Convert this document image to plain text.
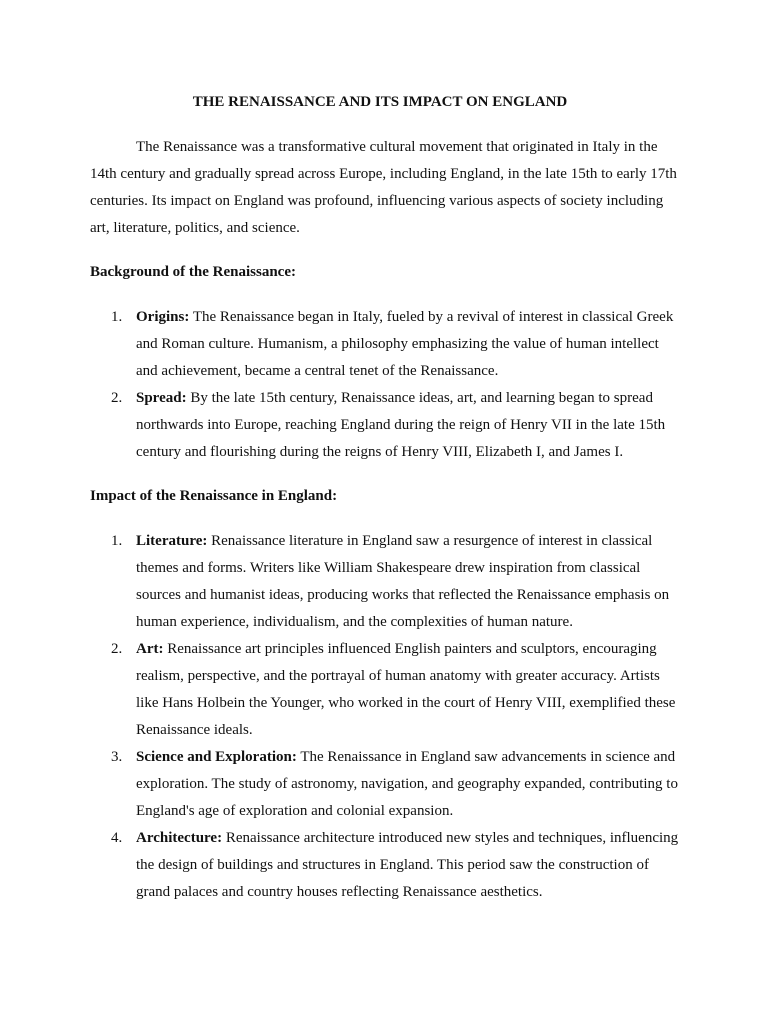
THE RENAISSANCE AND ITS IMPACT ON ENGLAND

The Renaissance was a transformative cultural movement that originated in Italy in the 14th century and gradually spread across Europe, including England, in the late 15th to early 17th centuries. Its impact on England was profound, influencing various aspects of society including art, literature, politics, and science.

Background of the Renaissance:
1. Origins: The Renaissance began in Italy, fueled by a revival of interest in classical Greek and Roman culture. Humanism, a philosophy emphasizing the value of human intellect and achievement, became a central tenet of the Renaissance.
2. Spread: By the late 15th century, Renaissance ideas, art, and learning began to spread northwards into Europe, reaching England during the reign of Henry VII in the late 15th century and flourishing during the reigns of Henry VIII, Elizabeth I, and James I.
Impact of the Renaissance in England:
1. Literature: Renaissance literature in England saw a resurgence of interest in classical themes and forms. Writers like William Shakespeare drew inspiration from classical sources and humanist ideas, producing works that reflected the Renaissance emphasis on human experience, individualism, and the complexities of human nature.
2. Art: Renaissance art principles influenced English painters and sculptors, encouraging realism, perspective, and the portrayal of human anatomy with greater accuracy. Artists like Hans Holbein the Younger, who worked in the court of Henry VIII, exemplified these Renaissance ideals.
3. Science and Exploration: The Renaissance in England saw advancements in science and exploration. The study of astronomy, navigation, and geography expanded, contributing to England's age of exploration and colonial expansion.
4. Architecture: Renaissance architecture introduced new styles and techniques, influencing the design of buildings and structures in England. This period saw the construction of grand palaces and country houses reflecting Renaissance aesthetics.
